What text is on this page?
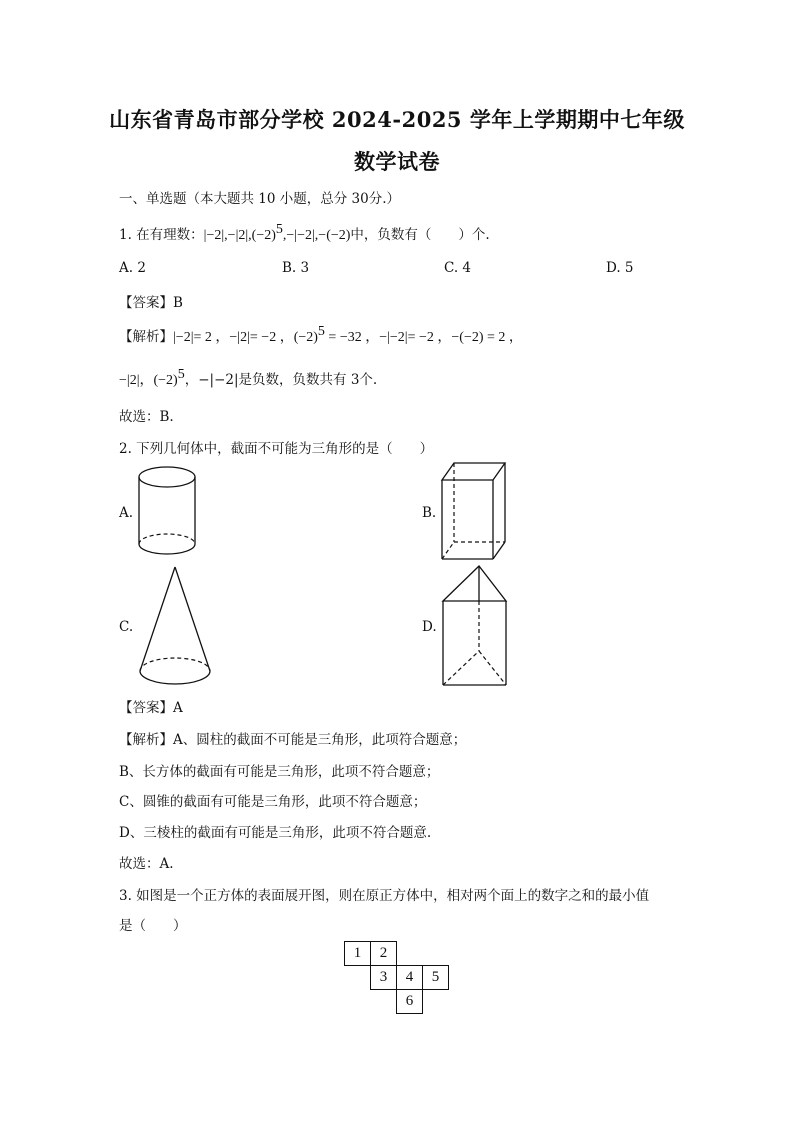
山东省青岛市部分学校 2024-2025 学年上学期期中七年级
数学试卷
一、单选题（本大题共 10 小题，总分 30分.）
1. 在有理数：$|-2|,-|2|,(-2)^5,-|-2|,-(-2)$中，负数有（　　）个.
A. 2	B. 3	C. 4	D. 5
【答案】B
【解析】|−2|= 2 ，−|2|= −2 ，$(-2)^5 = -32$ ，−|−2|= −2 ，−(−2) = 2 ，
−|2|，$(-2)^5$，−|−2|是负数，负数共有 3个.
故选：B.
2. 下列几何体中，截面不可能为三角形的是（　　）
A.	B.
C.	D.
【答案】A
【解析】A、圆柱的截面不可能是三角形，此项符合题意；
B、长方体的截面有可能是三角形，此项不符合题意；
C、圆锥的截面有可能是三角形，此项不符合题意；
D、三棱柱的截面有可能是三角形，此项不符合题意.
故选：A.
3. 如图是一个正方体的表面展开图，则在原正方体中，相对两个面上的数字之和的最小值
是（　　）
1	2		
	3	4	5
		6	
